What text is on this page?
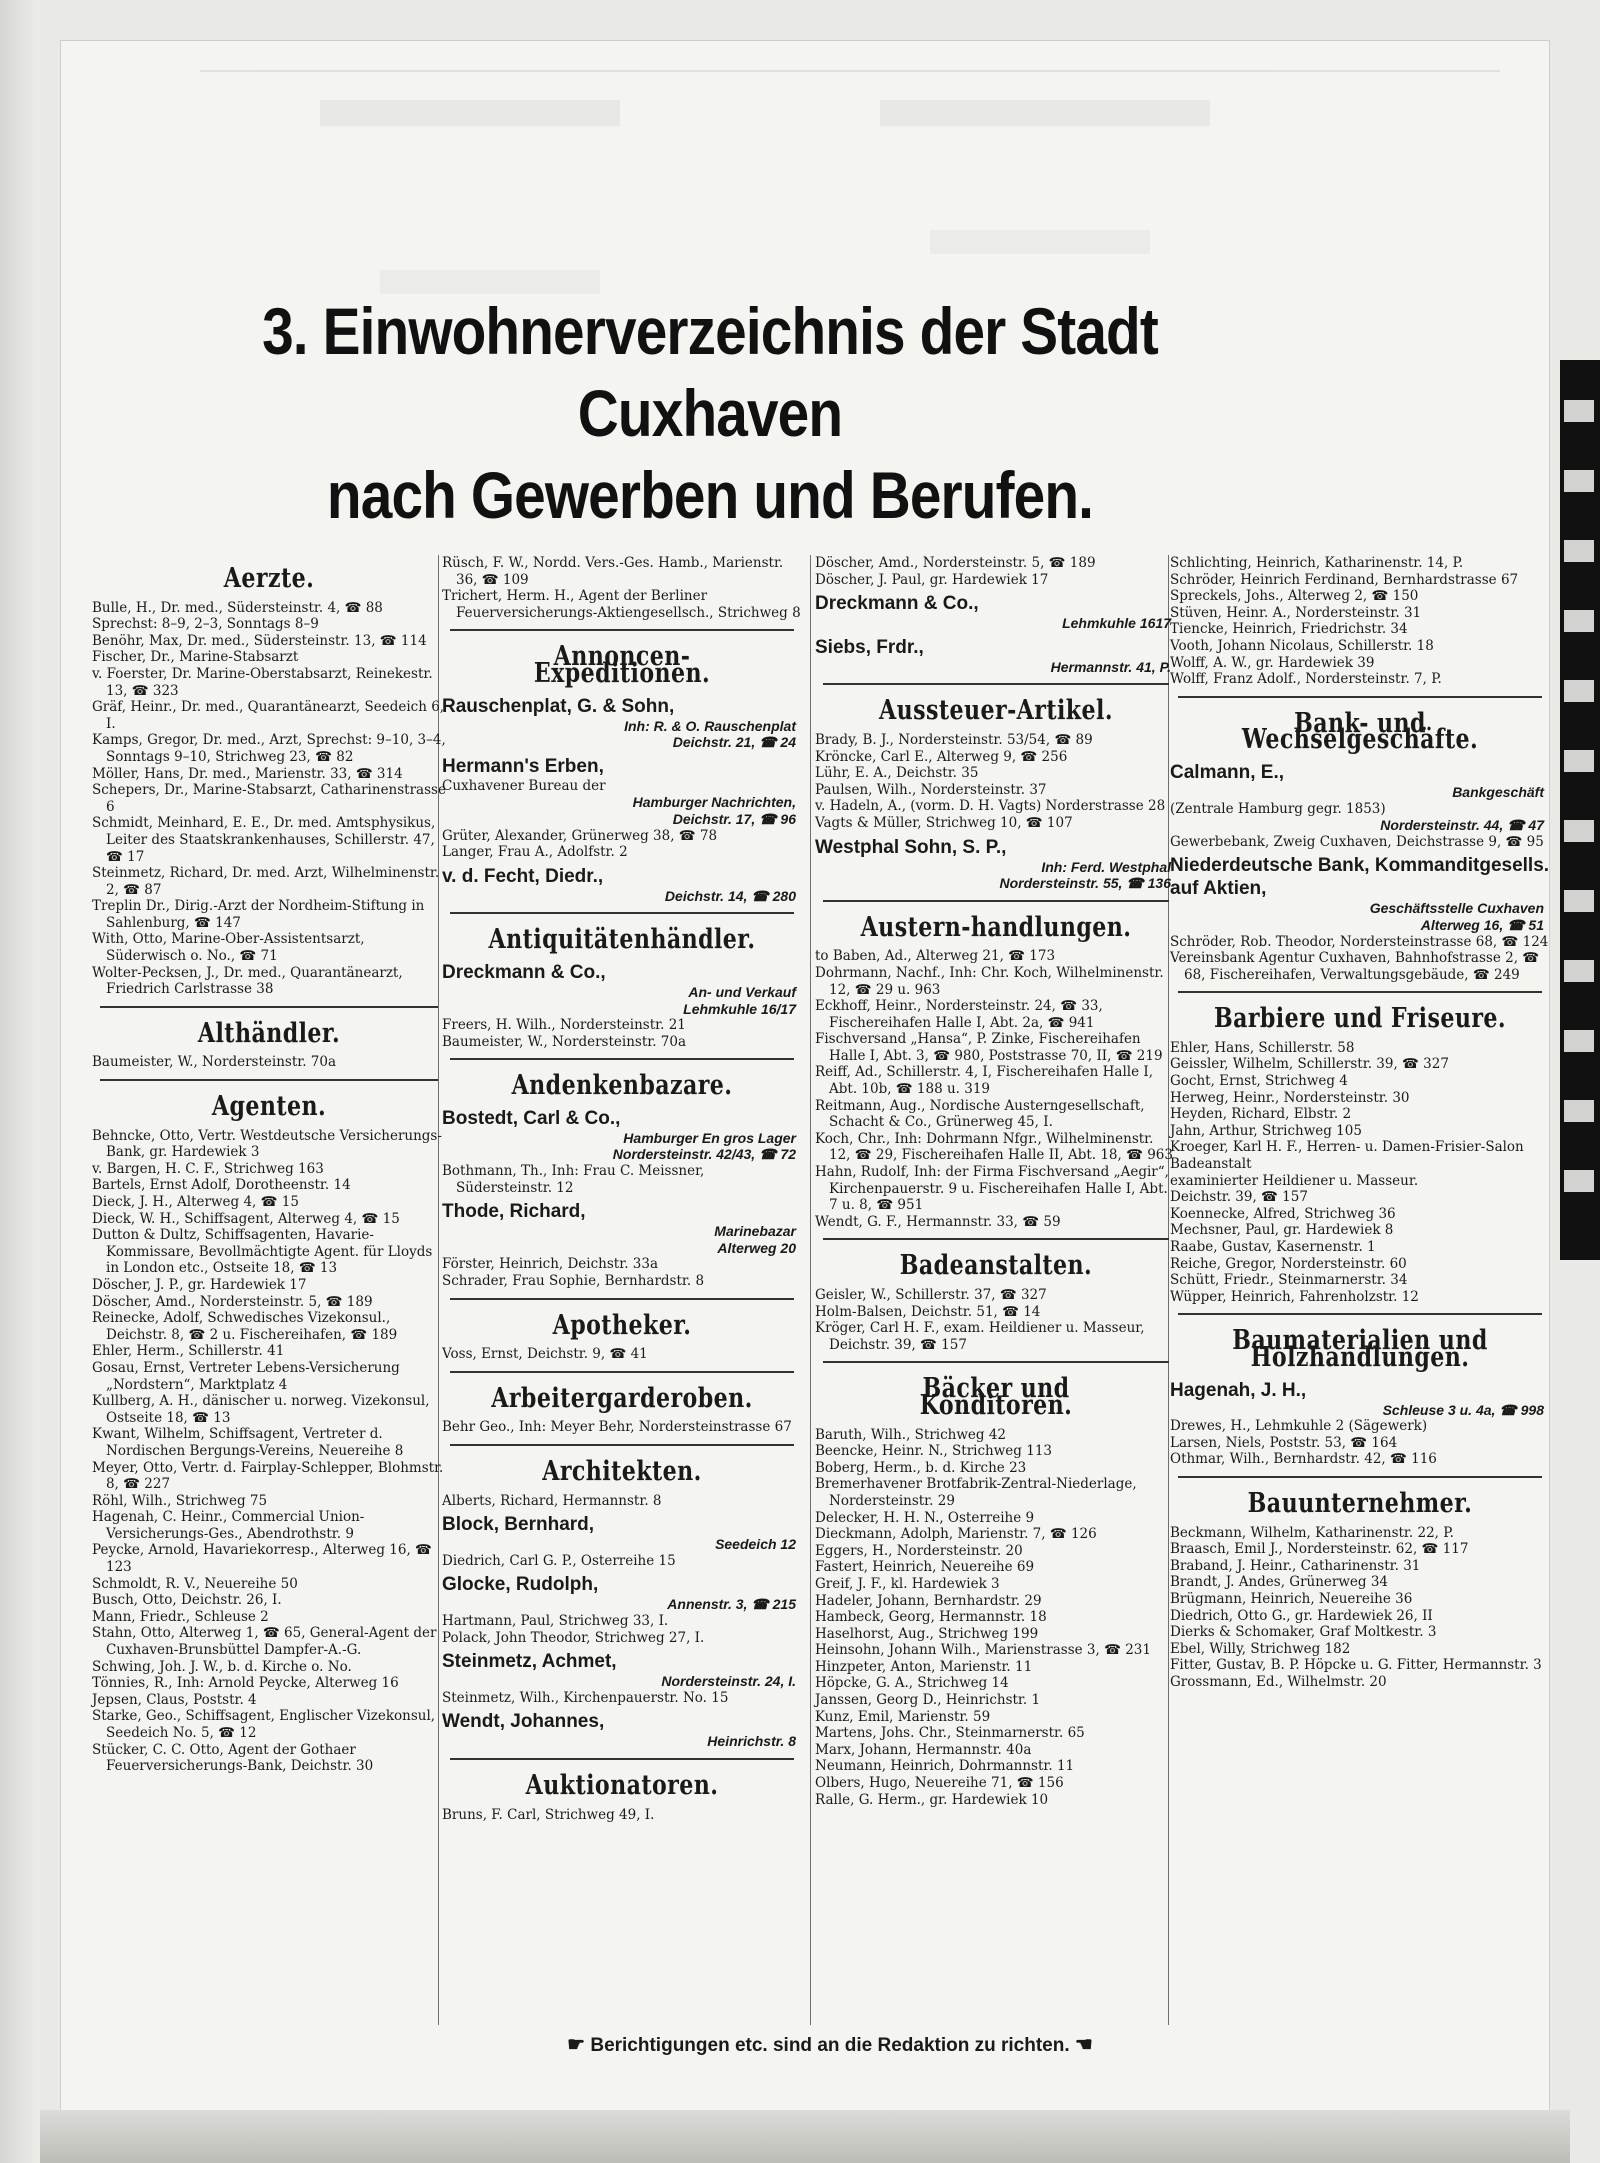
3. Einwohnerverzeichnis der Stadt Cuxhaven
nach Gewerben und Berufen.
Aerzte.

Bulle, H., Dr. med., Südersteinstr. 4, ☎ 88

Sprechst: 8–9, 2–3, Sonntags 8–9

Benöhr, Max, Dr. med., Südersteinstr. 13, ☎ 114

Fischer, Dr., Marine-Stabsarzt

v. Foerster, Dr. Marine-Oberstabsarzt, Reinekestr. 13, ☎ 323

Gräf, Heinr., Dr. med., Quarantänearzt, Seedeich 6, I.

Kamps, Gregor, Dr. med., Arzt, Sprechst: 9–10, 3–4, Sonntags 9–10, Strichweg 23, ☎ 82

Möller, Hans, Dr. med., Marienstr. 33, ☎ 314

Schepers, Dr., Marine-Stabsarzt, Catharinenstrasse 6

Schmidt, Meinhard, E. E., Dr. med. Amtsphysikus, Leiter des Staatskrankenhauses, Schillerstr. 47, ☎ 17

Steinmetz, Richard, Dr. med. Arzt, Wilhelminenstr. 2, ☎ 87

Treplin Dr., Dirig.-Arzt der Nordheim-Stiftung in Sahlenburg, ☎ 147

With, Otto, Marine-Ober-Assistentsarzt, Süderwisch o. No., ☎ 71

Wolter-Pecksen, J., Dr. med., Quarantänearzt, Friedrich Carlstrasse 38

Althändler.

Baumeister, W., Nordersteinstr. 70a

Agenten.

Behncke, Otto, Vertr. Westdeutsche Versicherungs-Bank, gr. Hardewiek 3

v. Bargen, H. C. F., Strichweg 163

Bartels, Ernst Adolf, Dorotheenstr. 14

Dieck, J. H., Alterweg 4, ☎ 15

Dieck, W. H., Schiffsagent, Alterweg 4, ☎ 15

Dutton & Dultz, Schiffsagenten, Havarie-Kommissare, Bevollmächtigte Agent. für Lloyds in London etc., Ostseite 18, ☎ 13

Döscher, J. P., gr. Hardewiek 17

Döscher, Amd., Nordersteinstr. 5, ☎ 189

Reinecke, Adolf, Schwedisches Vizekonsul., Deichstr. 8, ☎ 2 u. Fischereihafen, ☎ 189

Ehler, Herm., Schillerstr. 41

Gosau, Ernst, Vertreter Lebens-Versicherung „Nordstern“, Marktplatz 4

Kullberg, A. H., dänischer u. norweg. Vizekonsul, Ostseite 18, ☎ 13

Kwant, Wilhelm, Schiffsagent, Vertreter d. Nordischen Bergungs-Vereins, Neuereihe 8

Meyer, Otto, Vertr. d. Fairplay-Schlepper, Blohmstr. 8, ☎ 227

Röhl, Wilh., Strichweg 75

Hagenah, C. Heinr., Commercial Union-Versicherungs-Ges., Abendrothstr. 9

Peycke, Arnold, Havariekorresp., Alterweg 16, ☎ 123

Schmoldt, R. V., Neuereihe 50

Busch, Otto, Deichstr. 26, I.

Mann, Friedr., Schleuse 2

Stahn, Otto, Alterweg 1, ☎ 65, General-Agent der Cuxhaven-Brunsbüttel Dampfer-A.-G.

Schwing, Joh. J. W., b. d. Kirche o. No.

Tönnies, R., Inh: Arnold Peycke, Alterweg 16

Jepsen, Claus, Poststr. 4

Starke, Geo., Schiffsagent, Englischer Vizekonsul, Seedeich No. 5, ☎ 12

Stücker, C. C. Otto, Agent der Gothaer Feuerversicherungs-Bank, Deichstr. 30

Rüsch, F. W., Nordd. Vers.-Ges. Hamb., Marienstr. 36, ☎ 109

Trichert, Herm. H., Agent der Berliner Feuerversicherungs-Aktiengesellsch., Strichweg 8

Annoncen-Expeditionen.

Rauschenplat, G. & Sohn,

Inh: R. & O. Rauschenplat

Deichstr. 21, ☎ 24

Hermann's Erben,

Cuxhavener Bureau der

Hamburger Nachrichten,

Deichstr. 17, ☎ 96

Grüter, Alexander, Grünerweg 38, ☎ 78

Langer, Frau A., Adolfstr. 2

v. d. Fecht, Diedr.,

Deichstr. 14, ☎ 280

Antiquitätenhändler.

Dreckmann & Co.,

An- und Verkauf

Lehmkuhle 16/17

Freers, H. Wilh., Nordersteinstr. 21

Baumeister, W., Nordersteinstr. 70a

Andenkenbazare.

Bostedt, Carl & Co.,

Hamburger En gros Lager

Nordersteinstr. 42/43, ☎ 72

Bothmann, Th., Inh: Frau C. Meissner, Südersteinstr. 12

Thode, Richard,

Marinebazar

Alterweg 20

Förster, Heinrich, Deichstr. 33a

Schrader, Frau Sophie, Bernhardstr. 8

Apotheker.

Voss, Ernst, Deichstr. 9, ☎ 41

Arbeitergarderoben.

Behr Geo., Inh: Meyer Behr, Nordersteinstrasse 67

Architekten.

Alberts, Richard, Hermannstr. 8

Block, Bernhard,

Seedeich 12

Diedrich, Carl G. P., Osterreihe 15

Glocke, Rudolph,

Annenstr. 3, ☎ 215

Hartmann, Paul, Strichweg 33, I.

Polack, John Theodor, Strichweg 27, I.

Steinmetz, Achmet,

Nordersteinstr. 24, I.

Steinmetz, Wilh., Kirchenpauerstr. No. 15

Wendt, Johannes,

Heinrichstr. 8

Auktionatoren.

Bruns, F. Carl, Strichweg 49, I.

Döscher, Amd., Nordersteinstr. 5, ☎ 189

Döscher, J. Paul, gr. Hardewiek 17

Dreckmann & Co.,

Lehmkuhle 1617

Siebs, Frdr.,

Hermannstr. 41, P.

Aussteuer-Artikel.

Brady, B. J., Nordersteinstr. 53/54, ☎ 89

Kröncke, Carl E., Alterweg 9, ☎ 256

Lühr, E. A., Deichstr. 35

Paulsen, Wilh., Nordersteinstr. 37

v. Hadeln, A., (vorm. D. H. Vagts) Norderstrasse 28

Vagts & Müller, Strichweg 10, ☎ 107

Westphal Sohn, S. P.,

Inh: Ferd. Westphal

Nordersteinstr. 55, ☎ 136

Austern-handlungen.

to Baben, Ad., Alterweg 21, ☎ 173

Dohrmann, Nachf., Inh: Chr. Koch, Wilhelminenstr. 12, ☎ 29 u. 963

Eckhoff, Heinr., Nordersteinstr. 24, ☎ 33, Fischereihafen Halle I, Abt. 2a, ☎ 941

Fischversand „Hansa“, P. Zinke, Fischereihafen Halle I, Abt. 3, ☎ 980, Poststrasse 70, II, ☎ 219

Reiff, Ad., Schillerstr. 4, I, Fischereihafen Halle I, Abt. 10b, ☎ 188 u. 319

Reitmann, Aug., Nordische Austerngesellschaft, Schacht & Co., Grünerweg 45, I.

Koch, Chr., Inh: Dohrmann Nfgr., Wilhelminenstr. 12, ☎ 29, Fischereihafen Halle II, Abt. 18, ☎ 963

Hahn, Rudolf, Inh: der Firma Fischversand „Aegir“, Kirchenpauerstr. 9 u. Fischereihafen Halle I, Abt. 7 u. 8, ☎ 951

Wendt, G. F., Hermannstr. 33, ☎ 59

Badeanstalten.

Geisler, W., Schillerstr. 37, ☎ 327

Holm-Balsen, Deichstr. 51, ☎ 14

Kröger, Carl H. F., exam. Heildiener u. Masseur, Deichstr. 39, ☎ 157

Bäcker und Konditoren.

Baruth, Wilh., Strichweg 42

Beencke, Heinr. N., Strichweg 113

Boberg, Herm., b. d. Kirche 23

Bremerhavener Brotfabrik-Zentral-Niederlage, Nordersteinstr. 29

Delecker, H. H. N., Osterreihe 9

Dieckmann, Adolph, Marienstr. 7, ☎ 126

Eggers, H., Nordersteinstr. 20

Fastert, Heinrich, Neuereihe 69

Greif, J. F., kl. Hardewiek 3

Hadeler, Johann, Bernhardstr. 29

Hambeck, Georg, Hermannstr. 18

Haselhorst, Aug., Strichweg 199

Heinsohn, Johann Wilh., Marienstrasse 3, ☎ 231

Hinzpeter, Anton, Marienstr. 11

Höpcke, G. A., Strichweg 14

Janssen, Georg D., Heinrichstr. 1

Kunz, Emil, Marienstr. 59

Martens, Johs. Chr., Steinmarnerstr. 65

Marx, Johann, Hermannstr. 40a

Neumann, Heinrich, Dohrmannstr. 11

Olbers, Hugo, Neuereihe 71, ☎ 156

Ralle, G. Herm., gr. Hardewiek 10

Schlichting, Heinrich, Katharinenstr. 14, P.

Schröder, Heinrich Ferdinand, Bernhardstrasse 67

Spreckels, Johs., Alterweg 2, ☎ 150

Stüven, Heinr. A., Nordersteinstr. 31

Tiencke, Heinrich, Friedrichstr. 34

Vooth, Johann Nicolaus, Schillerstr. 18

Wolff, A. W., gr. Hardewiek 39

Wolff, Franz Adolf., Nordersteinstr. 7, P.

Bank- und Wechselgeschäfte.

Calmann, E.,

Bankgeschäft

(Zentrale Hamburg gegr. 1853)

Nordersteinstr. 44, ☎ 47

Gewerbebank, Zweig Cuxhaven, Deichstrasse 9, ☎ 95

Niederdeutsche Bank, Kommanditgesells. auf Aktien,

Geschäftsstelle Cuxhaven

Alterweg 16, ☎ 51

Schröder, Rob. Theodor, Nordersteinstrasse 68, ☎ 124

Vereinsbank Agentur Cuxhaven, Bahnhofstrasse 2, ☎ 68, Fischereihafen, Verwaltungsgebäude, ☎ 249

Barbiere und Friseure.

Ehler, Hans, Schillerstr. 58

Geissler, Wilhelm, Schillerstr. 39, ☎ 327

Gocht, Ernst, Strichweg 4

Herweg, Heinr., Nordersteinstr. 30

Heyden, Richard, Elbstr. 2

Jahn, Arthur, Strichweg 105

Kroeger, Karl H. F., Herren- u. Damen-Frisier-Salon

Badeanstalt

examinierter Heildiener u. Masseur.

Deichstr. 39, ☎ 157

Koennecke, Alfred, Strichweg 36

Mechsner, Paul, gr. Hardewiek 8

Raabe, Gustav, Kasernenstr. 1

Reiche, Gregor, Nordersteinstr. 60

Schütt, Friedr., Steinmarnerstr. 34

Wüpper, Heinrich, Fahrenholzstr. 12

Baumaterialien und Holzhandlungen.

Hagenah, J. H.,

Schleuse 3 u. 4a, ☎ 998

Drewes, H., Lehmkuhle 2 (Sägewerk)

Larsen, Niels, Poststr. 53, ☎ 164

Othmar, Wilh., Bernhardstr. 42, ☎ 116

Bauunternehmer.

Beckmann, Wilhelm, Katharinenstr. 22, P.

Braasch, Emil J., Nordersteinstr. 62, ☎ 117

Braband, J. Heinr., Catharinenstr. 31

Brandt, J. Andes, Grünerweg 34

Brügmann, Heinrich, Neuereihe 36

Diedrich, Otto G., gr. Hardewiek 26, II

Dierks & Schomaker, Graf Moltkestr. 3

Ebel, Willy, Strichweg 182

Fitter, Gustav, B. P. Höpcke u. G. Fitter, Hermannstr. 3

Grossmann, Ed., Wilhelmstr. 20

☛ Berichtigungen etc. sind an die Redaktion zu richten. ☚
